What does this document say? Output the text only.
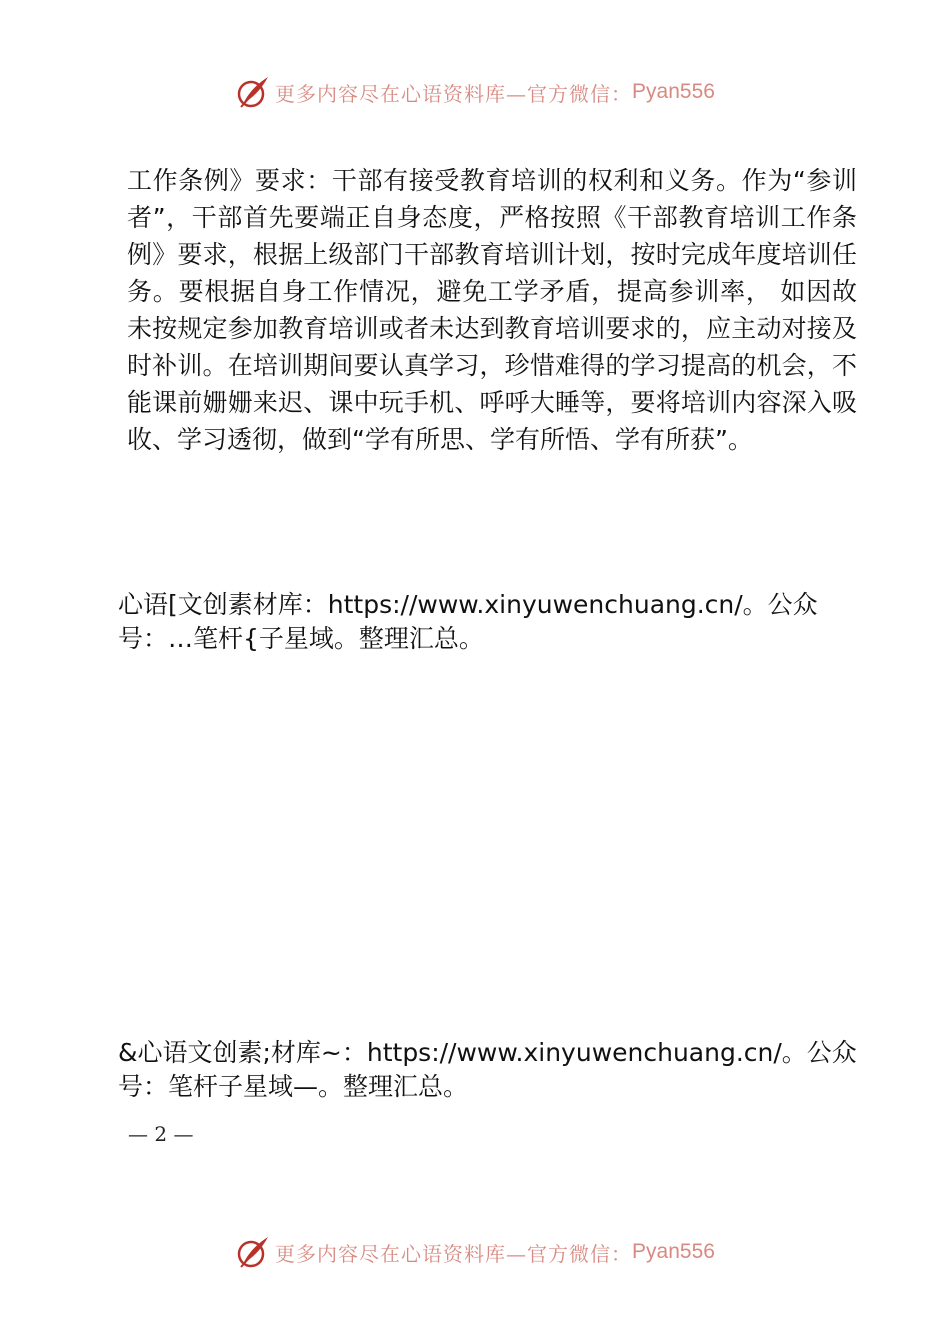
更多内容尽在心语资料库—官方微信： Pyan556
工作条例》要求：干部有接受教育培训的权利和义务。作为“参训者”，干部首先要端正自身态度，严格按照《干部教育培训工作条例》要求，根据上级部门干部教育培训计划，按时完成年度培训任务。要根据自身工作情况，避免工学矛盾，提高参训率， 如因故未按规定参加教育培训或者未达到教育培训要求的，应主动对接及时补训。在培训期间要认真学习，珍惜难得的学习提高的机会，不能课前姗姗来迟、课中玩手机、呼呼大睡等，要将培训内容深入吸收、学习透彻，做到“学有所思、学有所悟、学有所获”。
心语[文创素材库：https://www.xinyuwenchuang.cn/。公众号：…笔杆{子星域。整理汇总。
&心语文创素;材库~：https://www.xinyuwenchuang.cn/。公众号：笔杆子星域—。整理汇总。
— 2 —
更多内容尽在心语资料库—官方微信： Pyan556
